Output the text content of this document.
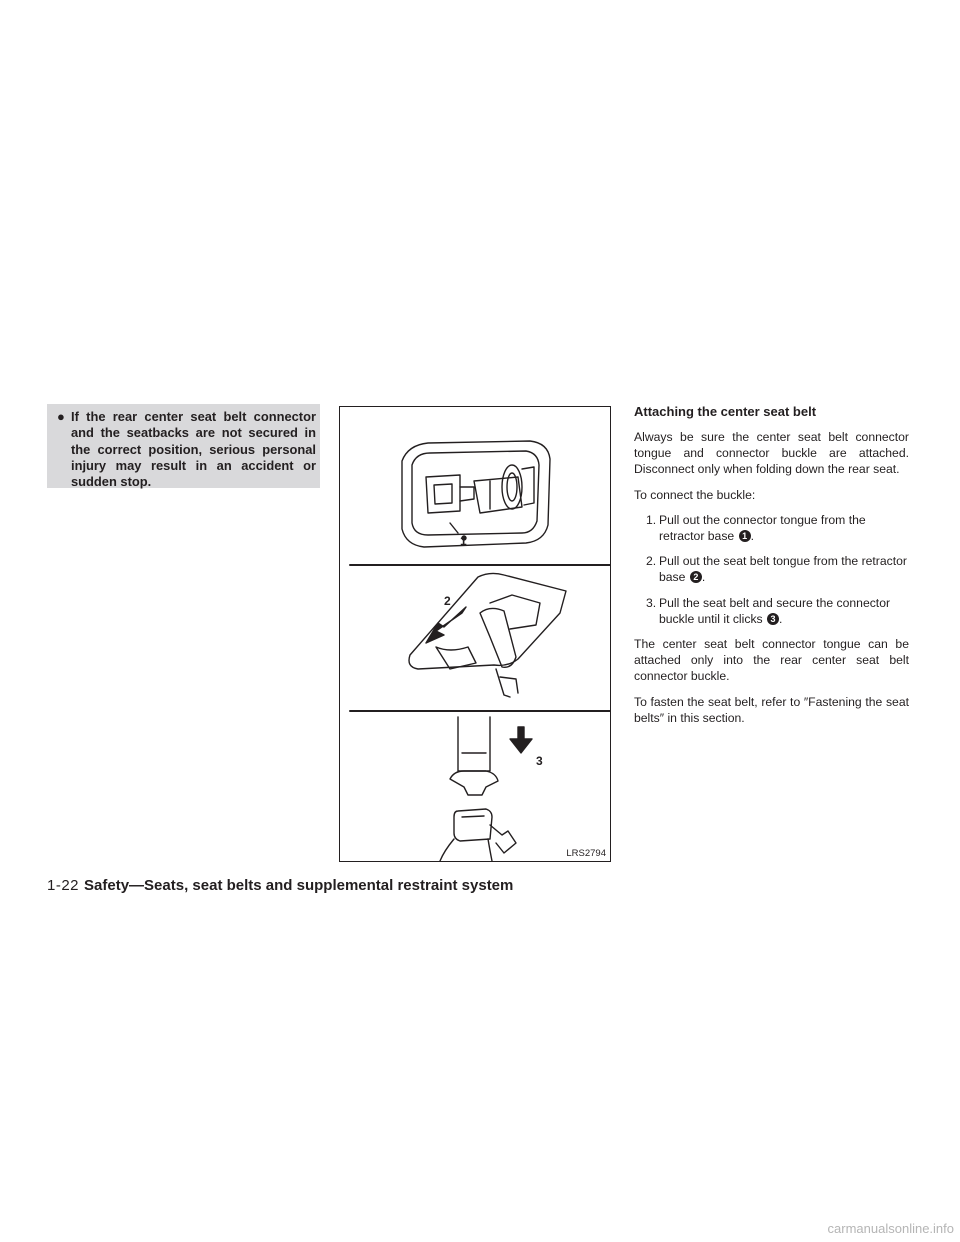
● If the rear center seat belt connector and the seatbacks are not secured in the correct position, serious personal injury may result in an accident or sudden stop.
1
2
3
LRS2794
Attaching the center seat belt

Always be sure the center seat belt connector tongue and connector buckle are attached. Disconnect only when folding down the rear seat.

To connect the buckle:

1. Pull out the connector tongue from the retractor base 1 .
2. Pull out the seat belt tongue from the retractor base 2 .
3. Pull the seat belt and secure the connector buckle until it clicks 3 .

The center seat belt connector tongue can be attached only into the rear center seat belt connector buckle.

To fasten the seat belt, refer to ″Fastening the seat belts″ in this section.

1-22 Safety—Seats, seat belts and supplemental restraint system
carmanualsonline.info
